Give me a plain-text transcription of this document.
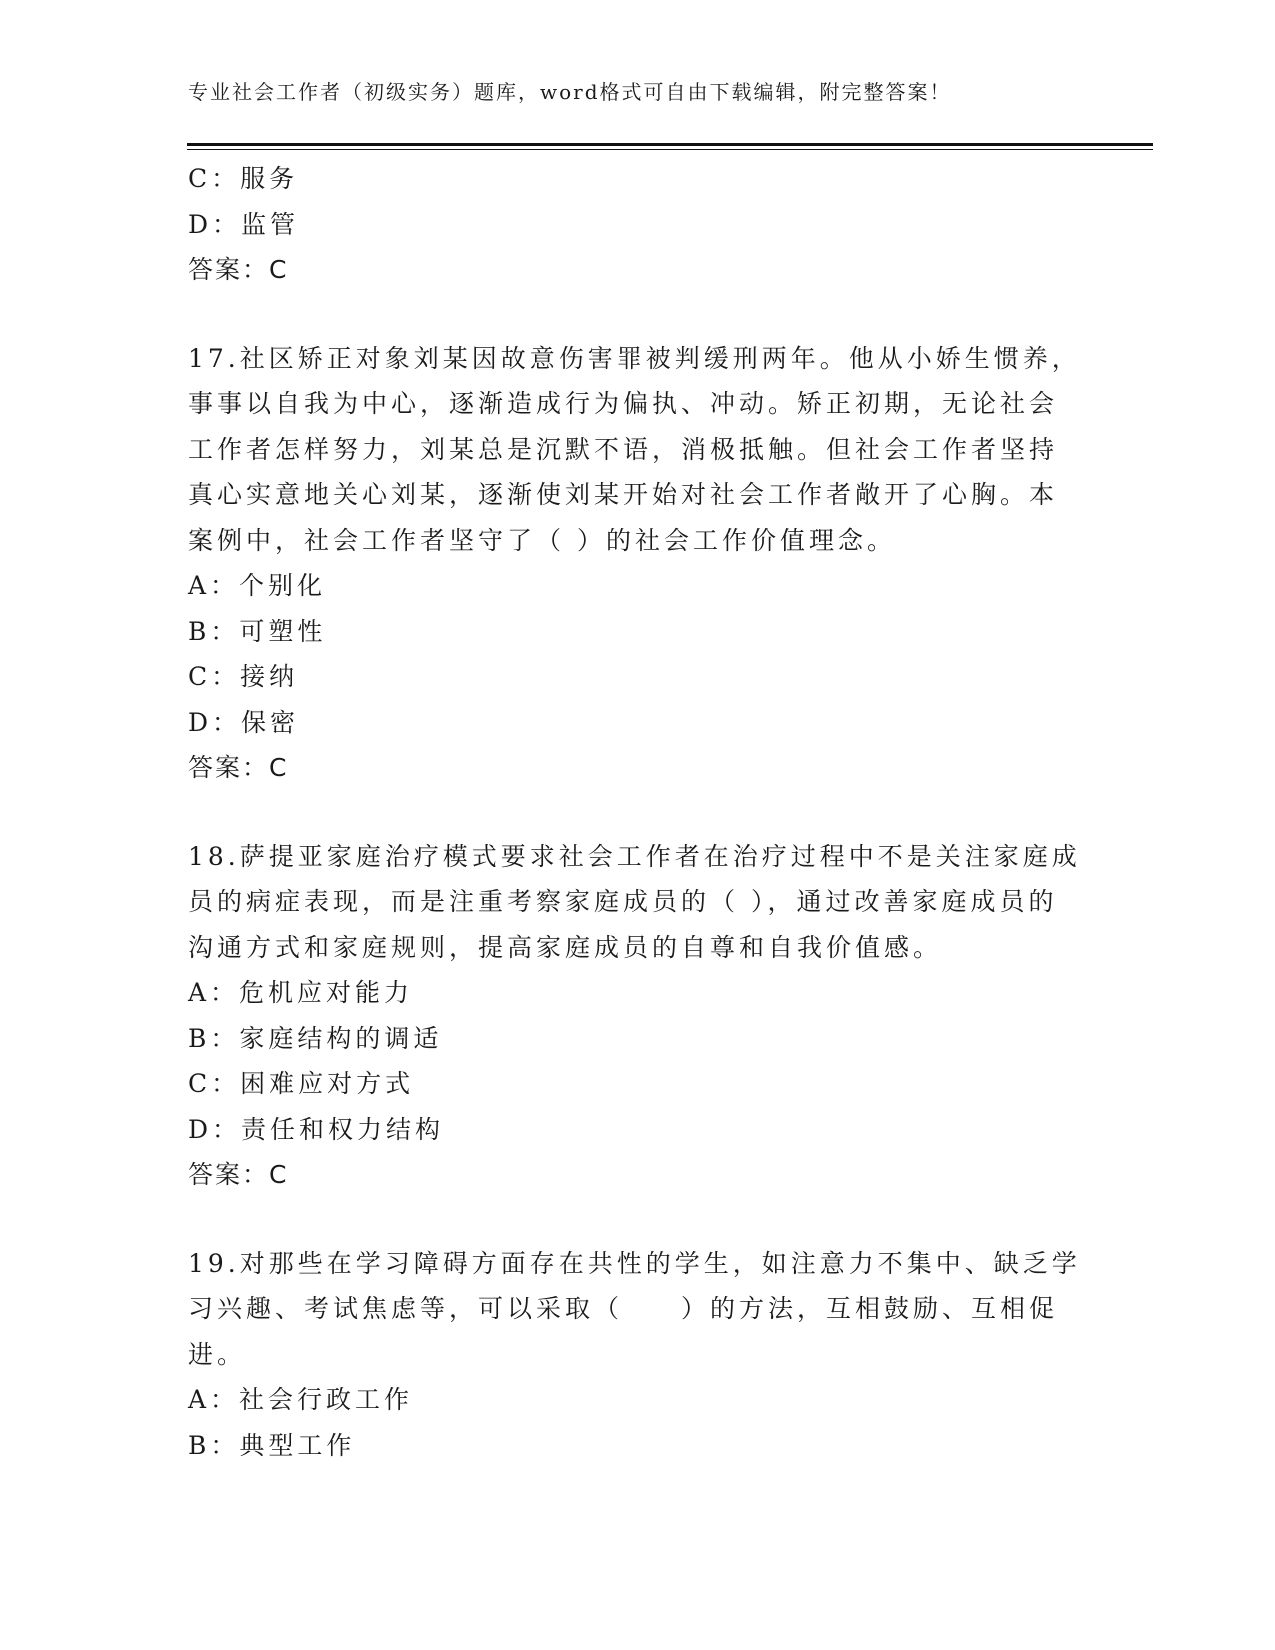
专业社会工作者（初级实务）题库，word格式可自由下载编辑，附完整答案！
C：服务
D：监管
答案：C
17.社区矫正对象刘某因故意伤害罪被判缓刑两年。他从小娇生惯养，
事事以自我为中心，逐渐造成行为偏执、冲动。矫正初期，无论社会
工作者怎样努力，刘某总是沉默不语，消极抵触。但社会工作者坚持
真心实意地关心刘某，逐渐使刘某开始对社会工作者敞开了心胸。本
案例中，社会工作者坚守了（ ）的社会工作价值理念。
A：个别化
B：可塑性
C：接纳
D：保密
答案：C
18.萨提亚家庭治疗模式要求社会工作者在治疗过程中不是关注家庭成
员的病症表现，而是注重考察家庭成员的（ ），通过改善家庭成员的
沟通方式和家庭规则，提高家庭成员的自尊和自我价值感。
A：危机应对能力
B：家庭结构的调适
C：困难应对方式
D：责任和权力结构
答案：C
19.对那些在学习障碍方面存在共性的学生，如注意力不集中、缺乏学
习兴趣、考试焦虑等，可以采取（　　）的方法，互相鼓励、互相促
进。
A：社会行政工作
B：典型工作
